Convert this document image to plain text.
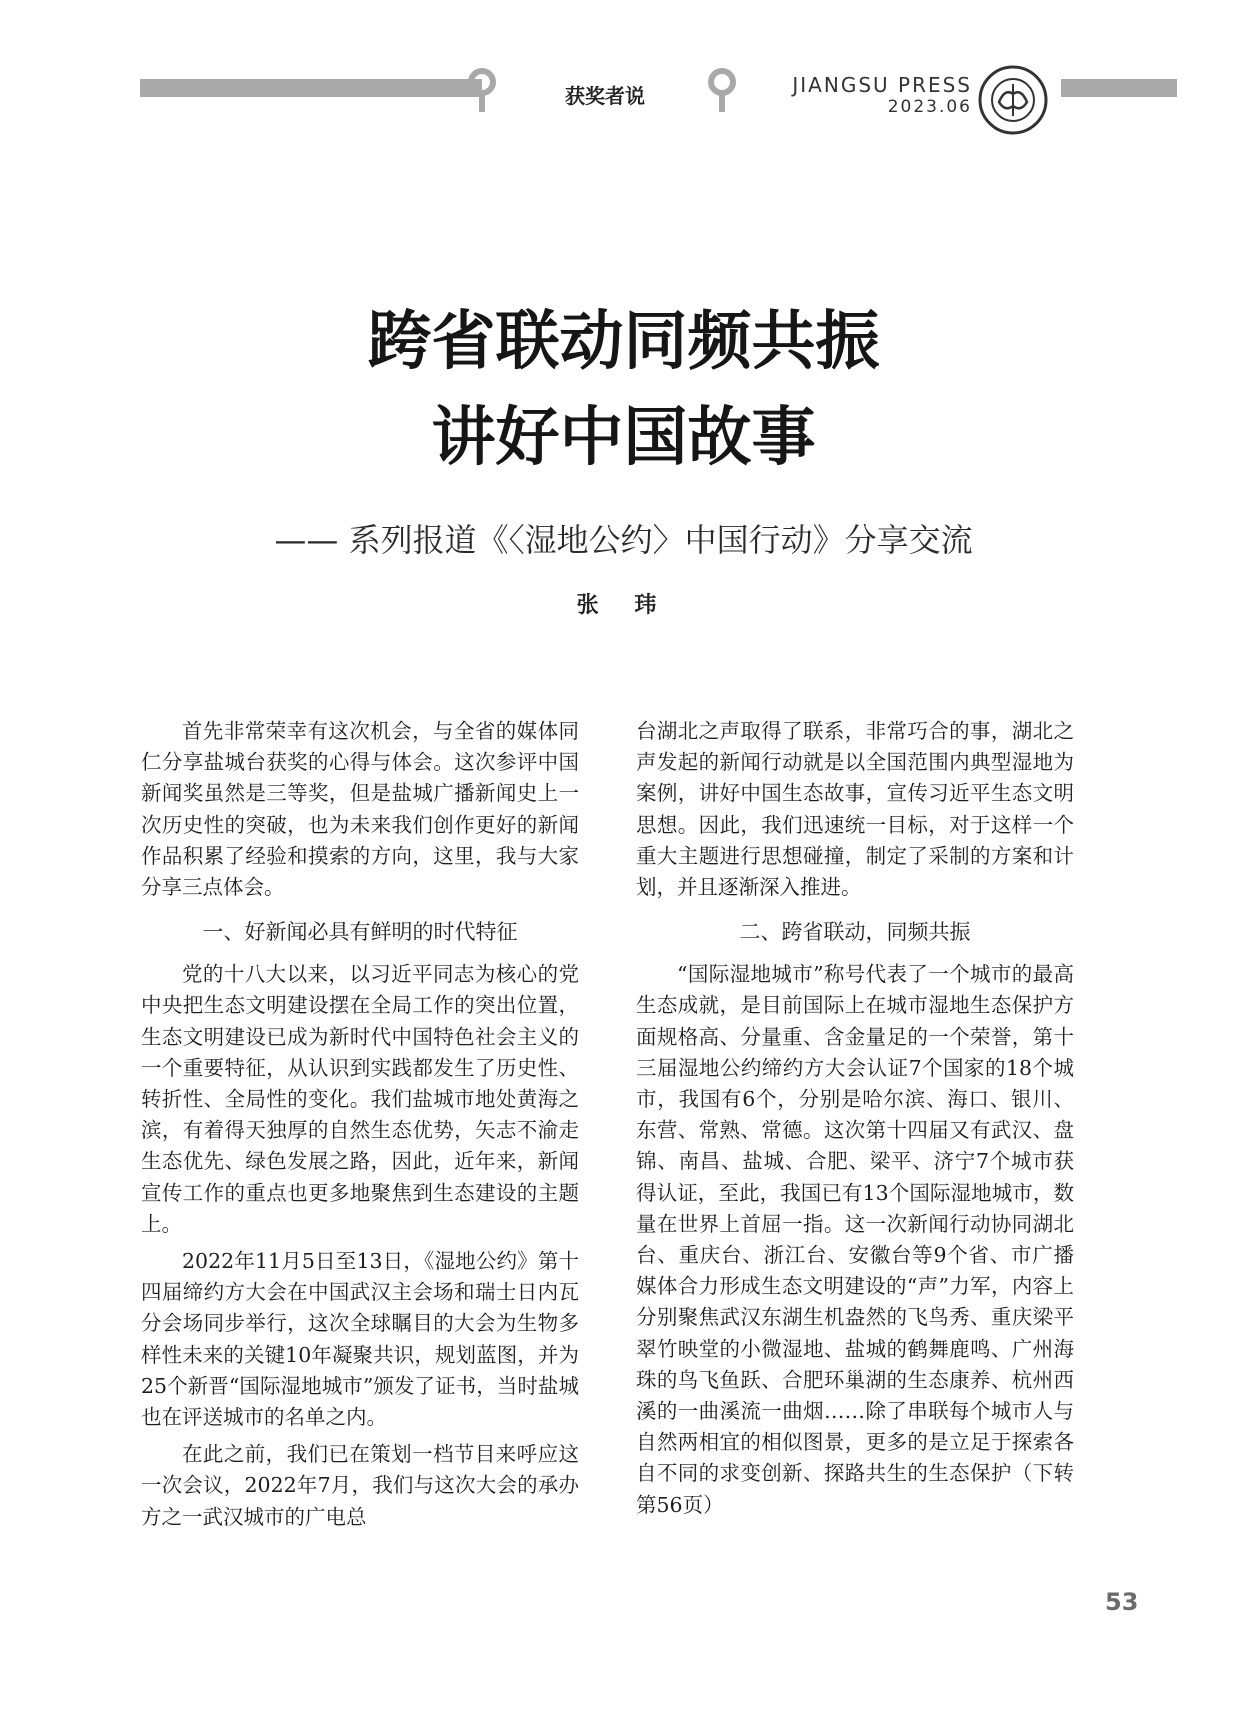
获奖者说	JIANGSU PRESS
2023.06
跨省联动同频共振
讲好中国故事
—— 系列报道《〈湿地公约〉中国行动》分享交流
张 玮

首先非常荣幸有这次机会，与全省的媒体同仁分享盐城台获奖的心得与体会。这次参评中国新闻奖虽然是三等奖，但是盐城广播新闻史上一次历史性的突破，也为未来我们创作更好的新闻作品积累了经验和摸索的方向，这里，我与大家分享三点体会。

一、好新闻必具有鲜明的时代特征

党的十八大以来，以习近平同志为核心的党中央把生态文明建设摆在全局工作的突出位置，生态文明建设已成为新时代中国特色社会主义的一个重要特征，从认识到实践都发生了历史性、转折性、全局性的变化。我们盐城市地处黄海之滨，有着得天独厚的自然生态优势，矢志不渝走生态优先、绿色发展之路，因此，近年来，新闻宣传工作的重点也更多地聚焦到生态建设的主题上。

2022年11月5日至13日，《湿地公约》第十四届缔约方大会在中国武汉主会场和瑞士日内瓦分会场同步举行，这次全球瞩目的大会为生物多样性未来的关键10年凝聚共识，规划蓝图，并为25个新晋“国际湿地城市”颁发了证书，当时盐城也在评送城市的名单之内。

在此之前，我们已在策划一档节目来呼应这一次会议，2022年7月，我们与这次大会的承办方之一武汉城市的广电总

台湖北之声取得了联系，非常巧合的事，湖北之声发起的新闻行动就是以全国范围内典型湿地为案例，讲好中国生态故事，宣传习近平生态文明思想。因此，我们迅速统一目标，对于这样一个重大主题进行思想碰撞，制定了采制的方案和计划，并且逐渐深入推进。

二、跨省联动，同频共振

“国际湿地城市”称号代表了一个城市的最高生态成就，是目前国际上在城市湿地生态保护方面规格高、分量重、含金量足的一个荣誉，第十三届湿地公约缔约方大会认证7个国家的18个城市，我国有6个，分别是哈尔滨、海口、银川、东营、常熟、常德。这次第十四届又有武汉、盘锦、南昌、盐城、合肥、梁平、济宁7个城市获得认证，至此，我国已有13个国际湿地城市，数量在世界上首屈一指。这一次新闻行动协同湖北台、重庆台、浙江台、安徽台等9个省、市广播媒体合力形成生态文明建设的“声”力军，内容上分别聚焦武汉东湖生机盎然的飞鸟秀、重庆梁平翠竹映堂的小微湿地、盐城的鹤舞鹿鸣、广州海珠的鸟飞鱼跃、合肥环巢湖的生态康养、杭州西溪的一曲溪流一曲烟……除了串联每个城市人与自然两相宜的相似图景，更多的是立足于探索各自不同的求变创新、探路共生的生态保护（下转第56页）

53
